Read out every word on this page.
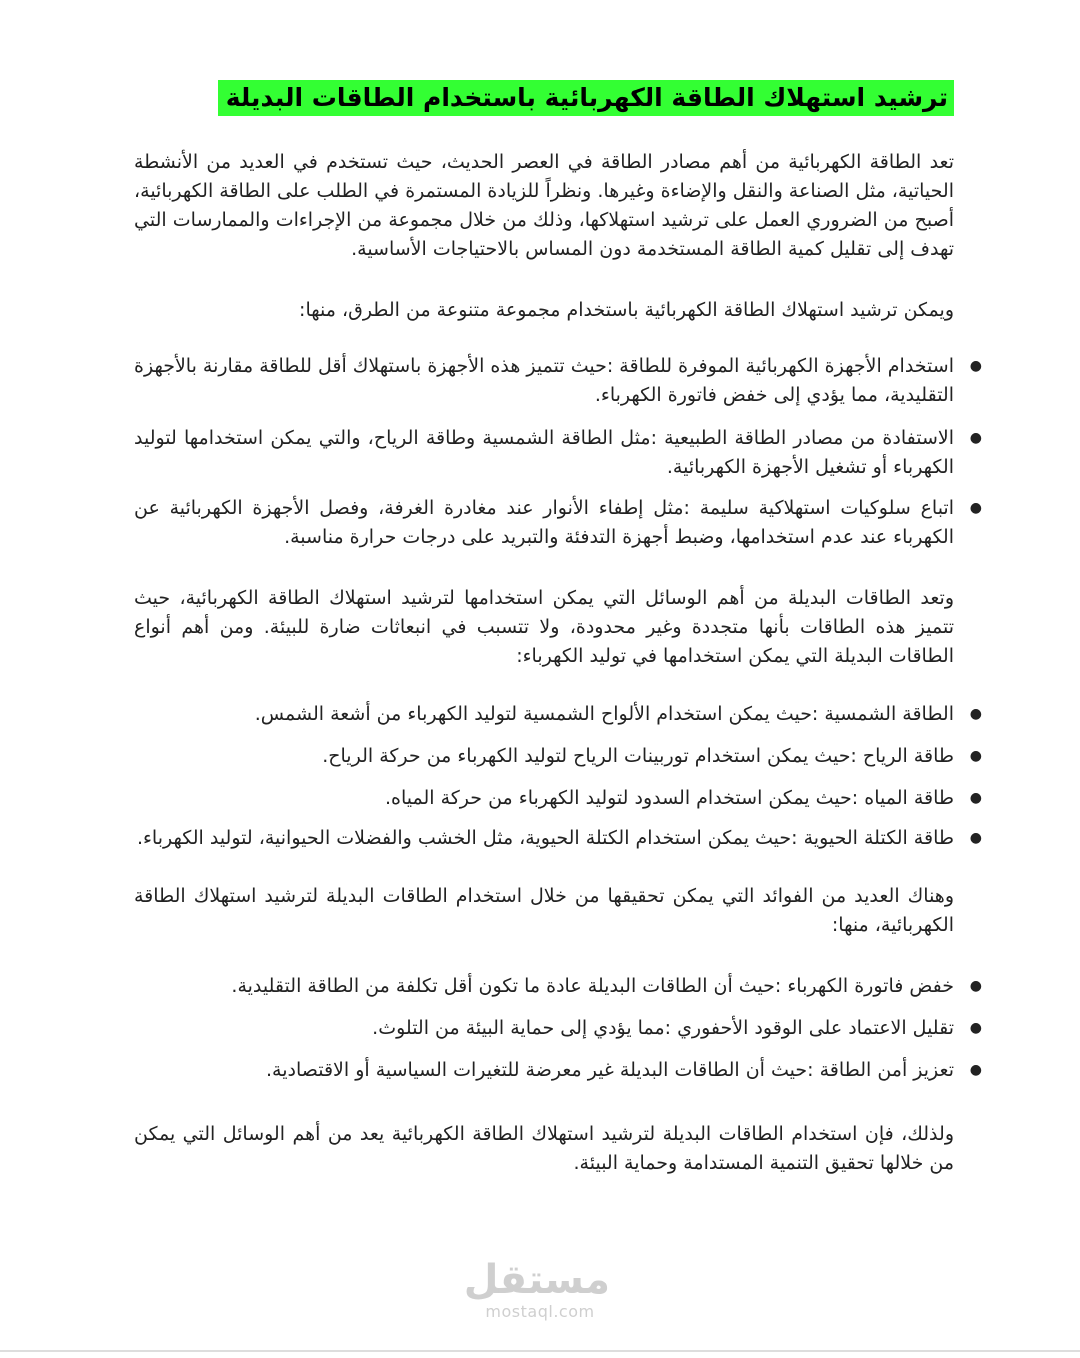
ترشيد استهلاك الطاقة الكهربائية باستخدام الطاقات البديلة

تعد الطاقة الكهربائية من أهم مصادر الطاقة في العصر الحديث، حيث تستخدم في العديد من الأنشطة الحياتية، مثل الصناعة والنقل والإضاءة وغيرها. ونظراً للزيادة المستمرة في الطلب على الطاقة الكهربائية، أصبح من الضروري العمل على ترشيد استهلاكها، وذلك من خلال مجموعة من الإجراءات والممارسات التي تهدف إلى تقليل كمية الطاقة المستخدمة دون المساس بالاحتياجات الأساسية.

ويمكن ترشيد استهلاك الطاقة الكهربائية باستخدام مجموعة متنوعة من الطرق، منها:

●
استخدام الأجهزة الكهربائية الموفرة للطاقة :حيث تتميز هذه الأجهزة باستهلاك أقل للطاقة مقارنة بالأجهزة التقليدية، مما يؤدي إلى خفض فاتورة الكهرباء.
●
الاستفادة من مصادر الطاقة الطبيعية :مثل الطاقة الشمسية وطاقة الرياح، والتي يمكن استخدامها لتوليد الكهرباء أو تشغيل الأجهزة الكهربائية.
●
اتباع سلوكيات استهلاكية سليمة :مثل إطفاء الأنوار عند مغادرة الغرفة، وفصل الأجهزة الكهربائية عن الكهرباء عند عدم استخدامها، وضبط أجهزة التدفئة والتبريد على درجات حرارة مناسبة.

وتعد الطاقات البديلة من أهم الوسائل التي يمكن استخدامها لترشيد استهلاك الطاقة الكهربائية، حيث تتميز هذه الطاقات بأنها متجددة وغير محدودة، ولا تتسبب في انبعاثات ضارة للبيئة. ومن أهم أنواع الطاقات البديلة التي يمكن استخدامها في توليد الكهرباء:

●
الطاقة الشمسية :حيث يمكن استخدام الألواح الشمسية لتوليد الكهرباء من أشعة الشمس.
●
طاقة الرياح :حيث يمكن استخدام توربينات الرياح لتوليد الكهرباء من حركة الرياح.
●
طاقة المياه :حيث يمكن استخدام السدود لتوليد الكهرباء من حركة المياه.
●
طاقة الكتلة الحيوية :حيث يمكن استخدام الكتلة الحيوية، مثل الخشب والفضلات الحيوانية، لتوليد الكهرباء.

وهناك العديد من الفوائد التي يمكن تحقيقها من خلال استخدام الطاقات البديلة لترشيد استهلاك الطاقة الكهربائية، منها:

●
خفض فاتورة الكهرباء :حيث أن الطاقات البديلة عادة ما تكون أقل تكلفة من الطاقة التقليدية.
●
تقليل الاعتماد على الوقود الأحفوري :مما يؤدي إلى حماية البيئة من التلوث.
●
تعزيز أمن الطاقة :حيث أن الطاقات البديلة غير معرضة للتغيرات السياسية أو الاقتصادية.

ولذلك، فإن استخدام الطاقات البديلة لترشيد استهلاك الطاقة الكهربائية يعد من أهم الوسائل التي يمكن من خلالها تحقيق التنمية المستدامة وحماية البيئة.

مستقل
mostaql.com
